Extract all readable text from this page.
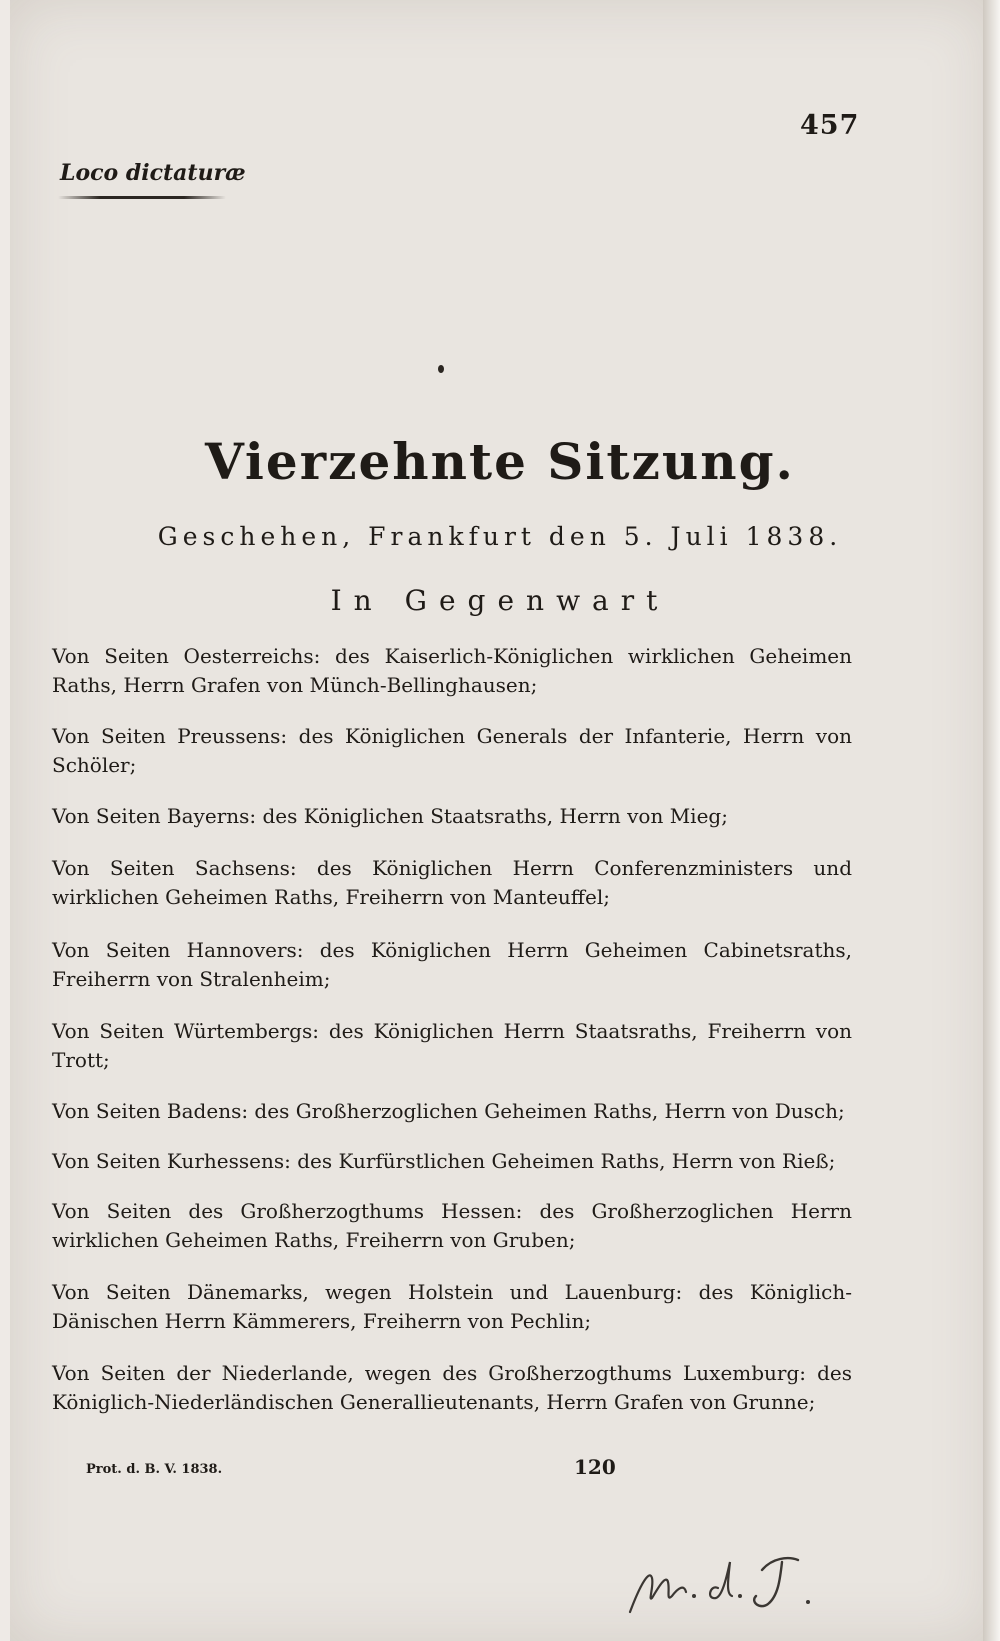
457
Loco dictaturæ
Vierzehnte Sitzung.
Geschehen, Frankfurt den 5. Juli 1838.
In Gegenwart
Von Seiten Oesterreichs: des Kaiserlich-Königlichen wirklichen Geheimen Raths, Herrn Grafen von Münch-Bellinghausen;
Von Seiten Preussens: des Königlichen Generals der Infanterie, Herrn von Schöler;
Von Seiten Bayerns: des Königlichen Staatsraths, Herrn von Mieg;
Von Seiten Sachsens: des Königlichen Herrn Conferenzministers und wirklichen Geheimen Raths, Freiherrn von Manteuffel;
Von Seiten Hannovers: des Königlichen Herrn Geheimen Cabinetsraths, Freiherrn von Stralenheim;
Von Seiten Würtembergs: des Königlichen Herrn Staatsraths, Freiherrn von Trott;
Von Seiten Badens: des Großherzoglichen Geheimen Raths, Herrn von Dusch;
Von Seiten Kurhessens: des Kurfürstlichen Geheimen Raths, Herrn von Rieß;
Von Seiten des Großherzogthums Hessen: des Großherzoglichen Herrn wirklichen Geheimen Raths, Freiherrn von Gruben;
Von Seiten Dänemarks, wegen Holstein und Lauenburg: des Königlich-Dänischen Herrn Kämmerers, Freiherrn von Pechlin;
Von Seiten der Niederlande, wegen des Großherzogthums Luxemburg: des Königlich-Niederländischen Generallieutenants, Herrn Grafen von Grunne;
Prot. d. B. V. 1838.	120
